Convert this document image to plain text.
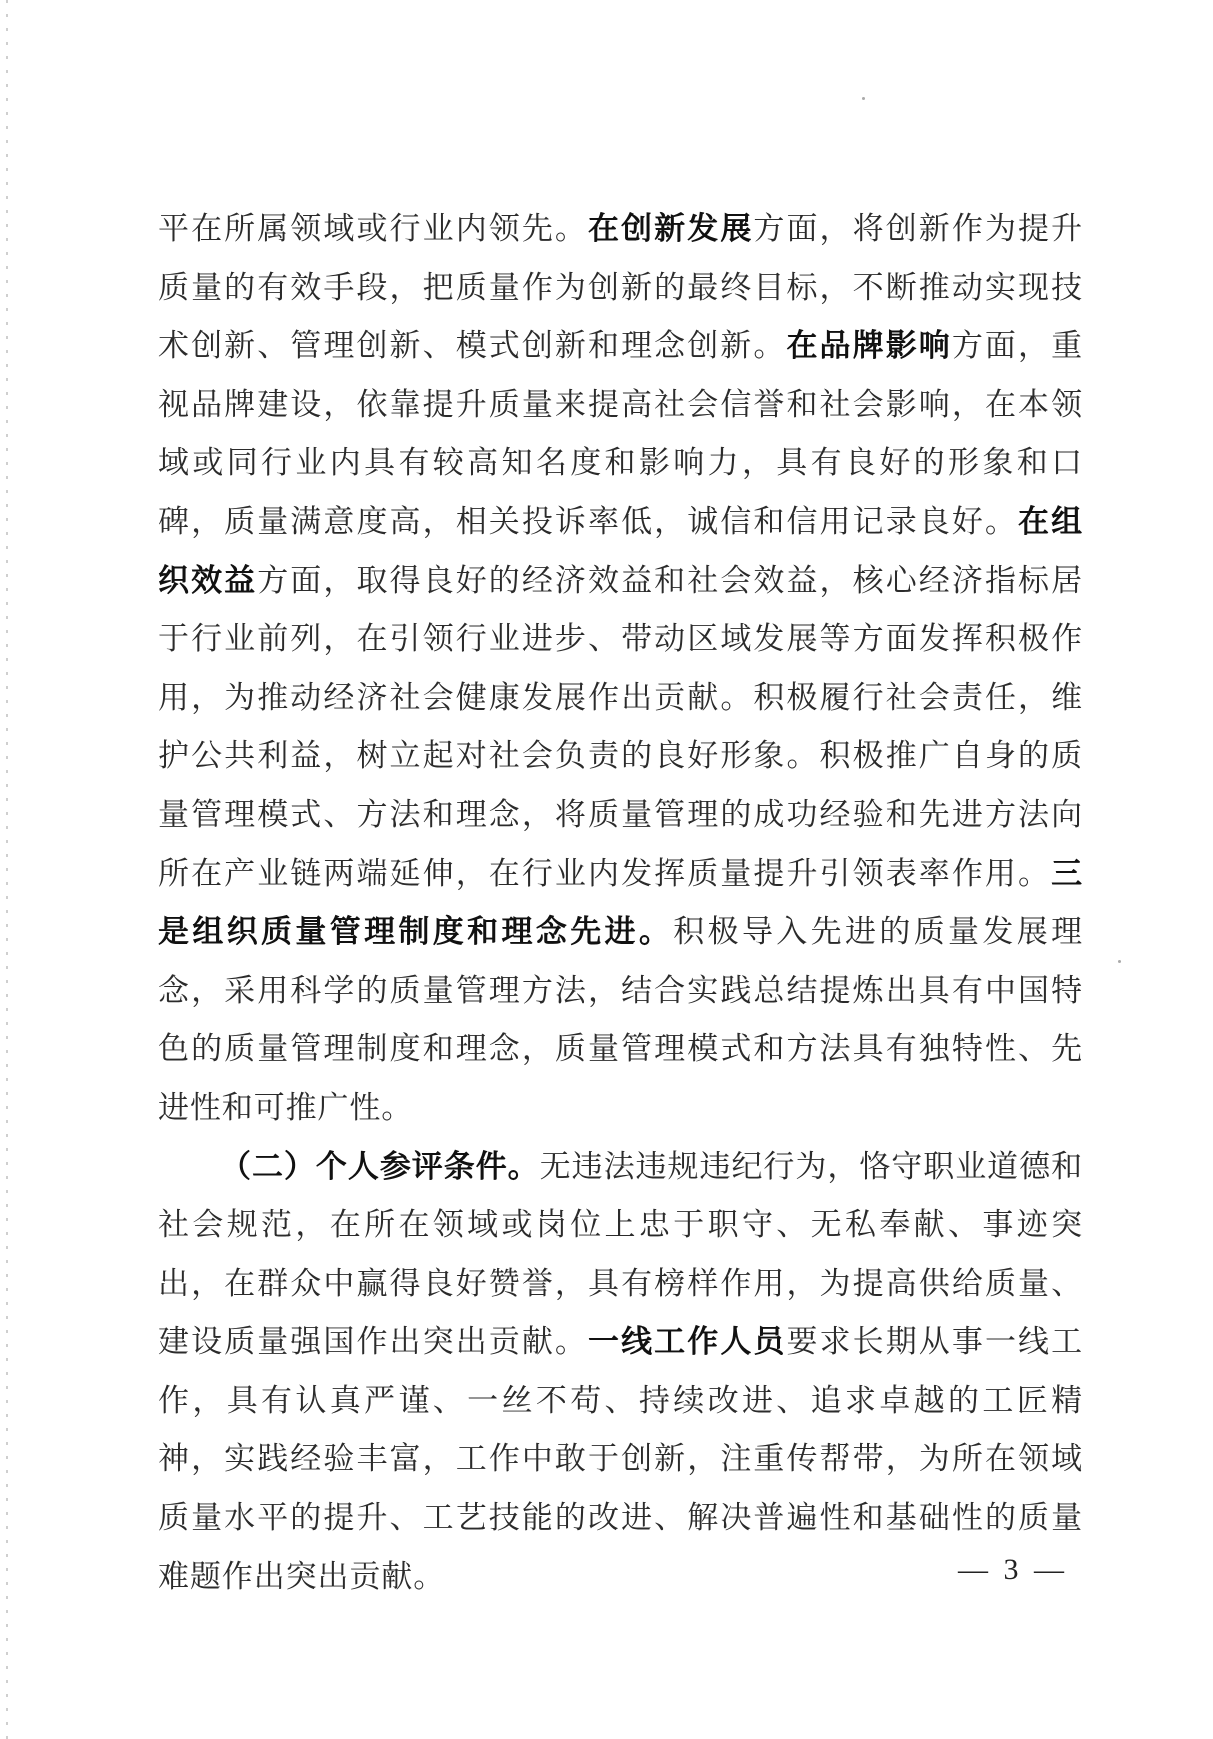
平在所属领域或行业内领先。在创新发展方面，将创新作为提升质量的有效手段，把质量作为创新的最终目标，不断推动实现技术创新、管理创新、模式创新和理念创新。在品牌影响方面，重视品牌建设，依靠提升质量来提高社会信誉和社会影响，在本领域或同行业内具有较高知名度和影响力，具有良好的形象和口碑，质量满意度高，相关投诉率低，诚信和信用记录良好。在组织效益方面，取得良好的经济效益和社会效益，核心经济指标居于行业前列，在引领行业进步、带动区域发展等方面发挥积极作用，为推动经济社会健康发展作出贡献。积极履行社会责任，维护公共利益，树立起对社会负责的良好形象。积极推广自身的质量管理模式、方法和理念，将质量管理的成功经验和先进方法向所在产业链两端延伸，在行业内发挥质量提升引领表率作用。三是组织质量管理制度和理念先进。积极导入先进的质量发展理念，采用科学的质量管理方法，结合实践总结提炼出具有中国特色的质量管理制度和理念，质量管理模式和方法具有独特性、先进性和可推广性。

（二）个人参评条件。无违法违规违纪行为，恪守职业道德和社会规范，在所在领域或岗位上忠于职守、无私奉献、事迹突出，在群众中赢得良好赞誉，具有榜样作用，为提高供给质量、建设质量强国作出突出贡献。一线工作人员要求长期从事一线工作，具有认真严谨、一丝不苟、持续改进、追求卓越的工匠精神，实践经验丰富，工作中敢于创新，注重传帮带，为所在领域质量水平的提升、工艺技能的改进、解决普遍性和基础性的质量难题作出突出贡献。	— 3 —
